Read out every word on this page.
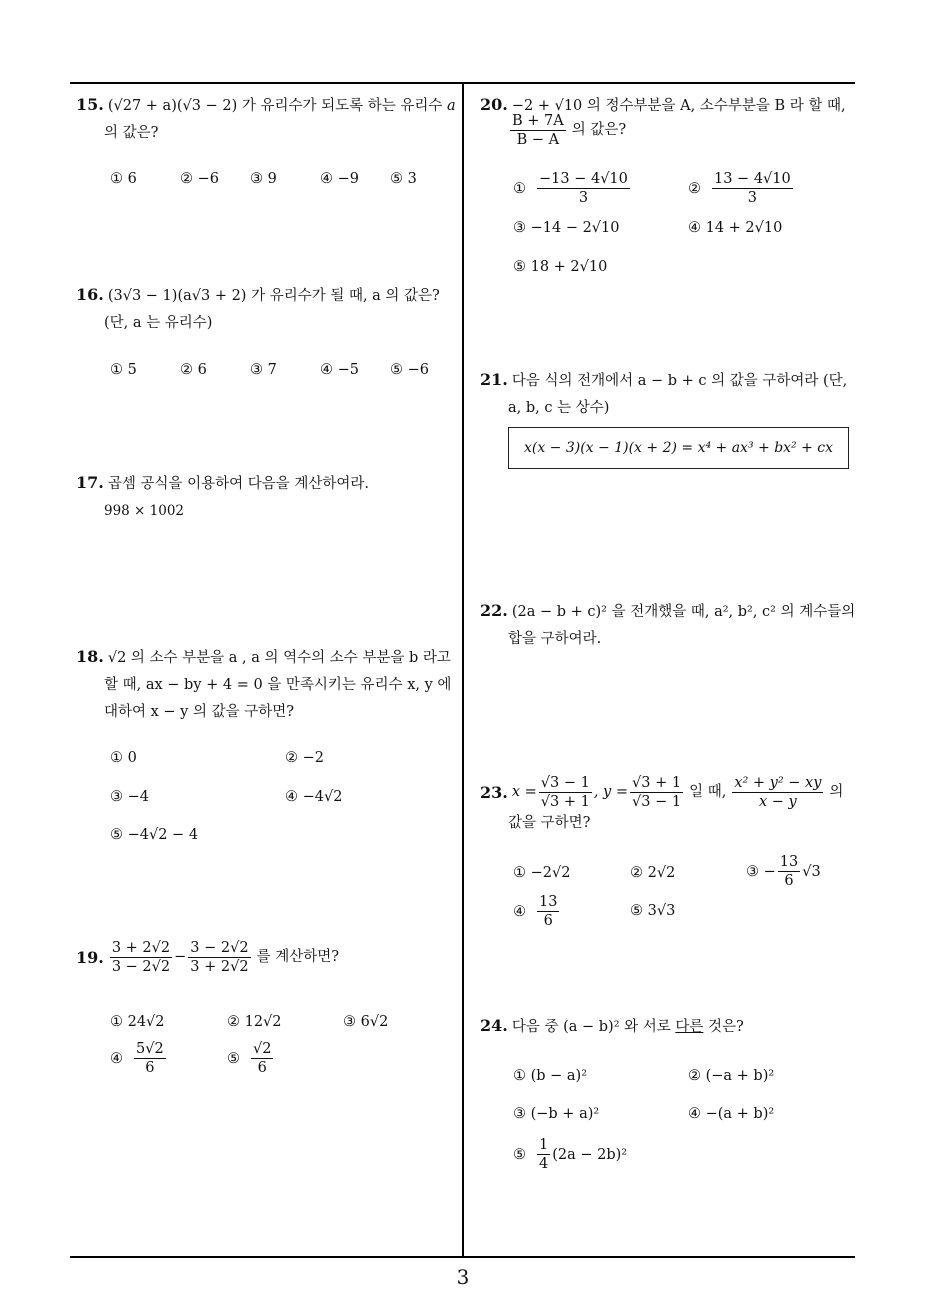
15. (√27 + a)(√3 − 2) 가 유리수가 되도록 하는 유리수 a
의 값은?
① 6	② −6 ③ 9	④ −9 ⑤ 3
16. (3√3 − 1)(a√3 + 2) 가 유리수가 될 때, a 의 값은?
(단, a 는 유리수)
① 5	② 6	③ 7	④ −5 ⑤ −6
17. 곱셈 공식을 이용하여 다음을 계산하여라.
998 × 1002
18. √2 의 소수 부분을 a , a 의 역수의 소수 부분을 b 라고
할 때, ax − by + 4 = 0 을 만족시키는 유리수 x, y 에
대하여 x − y 의 값을 구하면?
① 0	② −2
③ −4	④ −4√2
⑤ −4√2 − 4
19. $\frac{3 + 2√2}{3 - 2√2} - \frac{3 - 2√2}{3 + 2√2}$ 를 계산하면?
① 24√2	② 12√2	③ 6√2
④ $\frac{5√2}{6}$	⑤ $\frac{√2}{6}$
20. −2 + √10 의 정수부분을 A, 소수부분을 B 라 할 때,
$\frac{B + 7A}{B - A}$ 의 값은?
① $\frac{-13 - 4√10}{3}$	② $\frac{13 - 4√10}{3}$
③ −14 − 2√10	④ 14 + 2√10
⑤ 18 + 2√10
21. 다음 식의 전개에서 a − b + c 의 값을 구하여라 (단,
a, b, c 는 상수)
x(x − 3)(x − 1)(x + 2) = x⁴ + ax³ + bx² + cx
22. (2a − b + c)² 을 전개했을 때, a², b², c² 의 계수들의
합을 구하여라.
23. $x = \frac{√3 - 1}{√3 + 1}$ , $y = \frac{√3 + 1}{√3 - 1}$ 일 때, $\frac{\text{x² + y² − xy}}{x - y}$ 의
값을 구하면?
① −2√2	② 2√2	③ − $\frac{13}{6} √3$
④ $\frac{13}{6}$	⑤ 3√3
24. 다음 중 (a − b)² 와 서로 다른 것은?
① (b − a)²	② (−a + b)²
③ (−b + a)²	④ −(a + b)²
⑤ $\frac{1}{4} (2a - 2b)^2$
3
